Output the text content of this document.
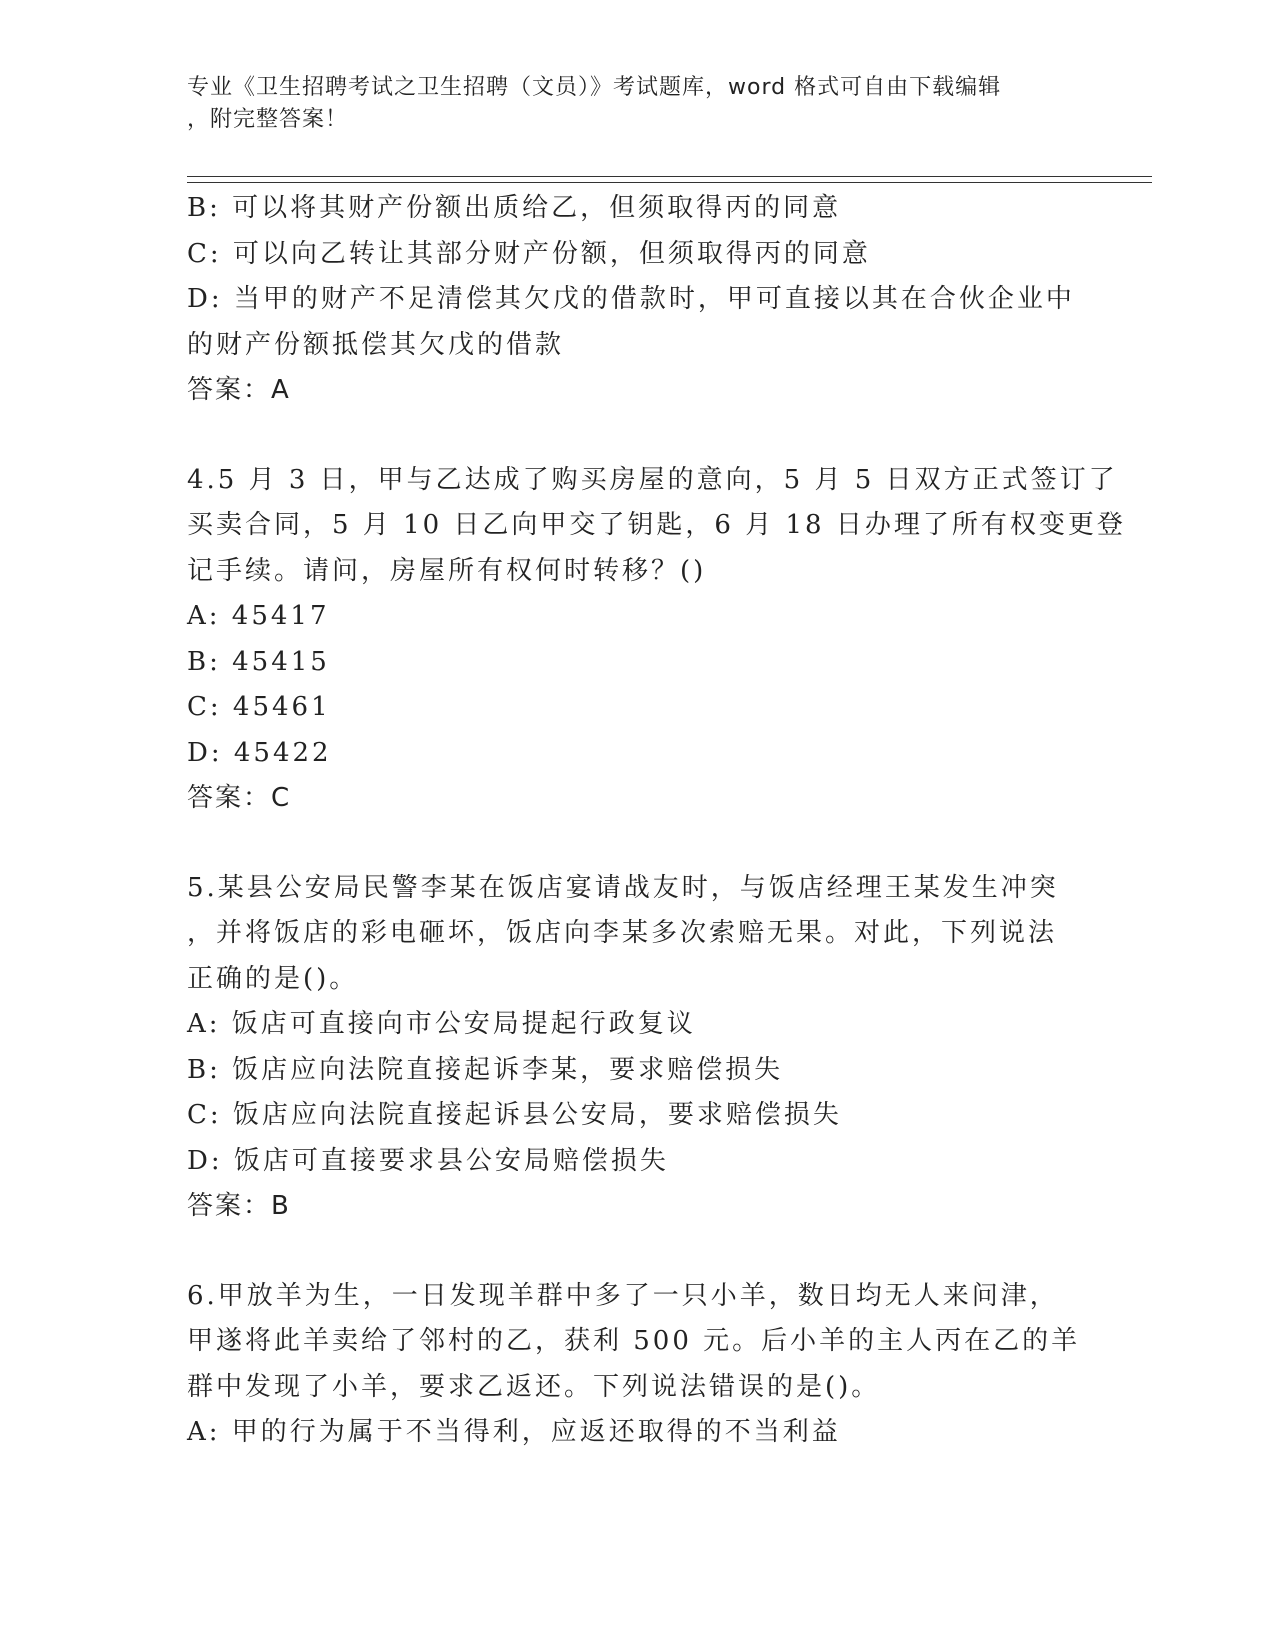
专业《卫生招聘考试之卫生招聘（文员）》考试题库，word 格式可自由下载编辑
，附完整答案！
B: 可以将其财产份额出质给乙，但须取得丙的同意
C: 可以向乙转让其部分财产份额，但须取得丙的同意
D: 当甲的财产不足清偿其欠戊的借款时，甲可直接以其在合伙企业中
的财产份额抵偿其欠戊的借款
答案：A
4.5 月 3 日，甲与乙达成了购买房屋的意向，5 月 5 日双方正式签订了
买卖合同，5 月 10 日乙向甲交了钥匙，6 月 18 日办理了所有权变更登
记手续。请问，房屋所有权何时转移？()
A: 45417
B: 45415
C: 45461
D: 45422
答案：C
5.某县公安局民警李某在饭店宴请战友时，与饭店经理王某发生冲突
，并将饭店的彩电砸坏，饭店向李某多次索赔无果。对此，下列说法
正确的是()。
A: 饭店可直接向市公安局提起行政复议
B: 饭店应向法院直接起诉李某，要求赔偿损失
C: 饭店应向法院直接起诉县公安局，要求赔偿损失
D: 饭店可直接要求县公安局赔偿损失
答案：B
6.甲放羊为生，一日发现羊群中多了一只小羊，数日均无人来问津，
甲遂将此羊卖给了邻村的乙，获利 500 元。后小羊的主人丙在乙的羊
群中发现了小羊，要求乙返还。下列说法错误的是()。
A: 甲的行为属于不当得利，应返还取得的不当利益
